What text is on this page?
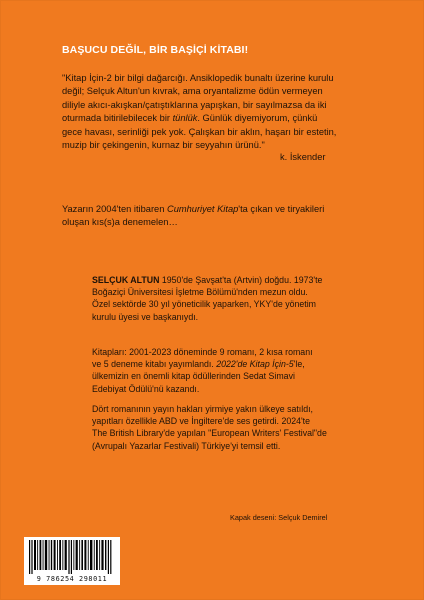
BAŞUCU DEĞİL, BİR BAŞİÇİ KİTABI!

"Kitap İçin-2 bir bilgi dağarcığı. Ansiklopedik bunaltı üzerine kurulu

değil; Selçuk Altun'un kıvrak, ama oryantalizme ödün vermeyen

diliyle akıcı-akışkan/çatıştıklarına yapışkan, bir sayılmazsa da iki

oturmada bitirilebilecek bir tünlük. Günlük diyemiyorum, çünkü

gece havası, serinliği pek yok. Çalışkan bir aklın, haşarı bir estetin,

muzip bir çekingenin, kurnaz bir seyyahın ürünü."

k. İskender
Yazarın 2004'ten itibaren Cumhuriyet Kitap'ta çıkan ve tiryakileri
oluşan kıs(s)a denemelen…
SELÇUK ALTUN 1950'de Şavşat'ta (Artvin) doğdu. 1973'te
Boğaziçi Üniversitesi İşletme Bölümü'nden mezun oldu.
Özel sektörde 30 yıl yöneticilik yaparken, YKY'de yönetim
kurulu üyesi ve başkanıydı.
Kitapları: 2001-2023 döneminde 9 romanı, 2 kısa romanı
ve 5 deneme kitabı yayımlandı. 2022'de Kitap İçin-5'le,
ülkemizin en önemli kitap ödüllerinden Sedat Simavi
Edebiyat Ödülü'nü kazandı.
Dört romanının yayın hakları yirmiye yakın ülkeye satıldı,
yapıtları özellikle ABD ve İngiltere'de ses getirdi. 2024'te
The British Library'de yapılan "European Writers' Festival"de
(Avrupalı Yazarlar Festivali) Türkiye'yi temsil etti.
Kapak deseni: Selçuk Demirel
9 786254 298011
